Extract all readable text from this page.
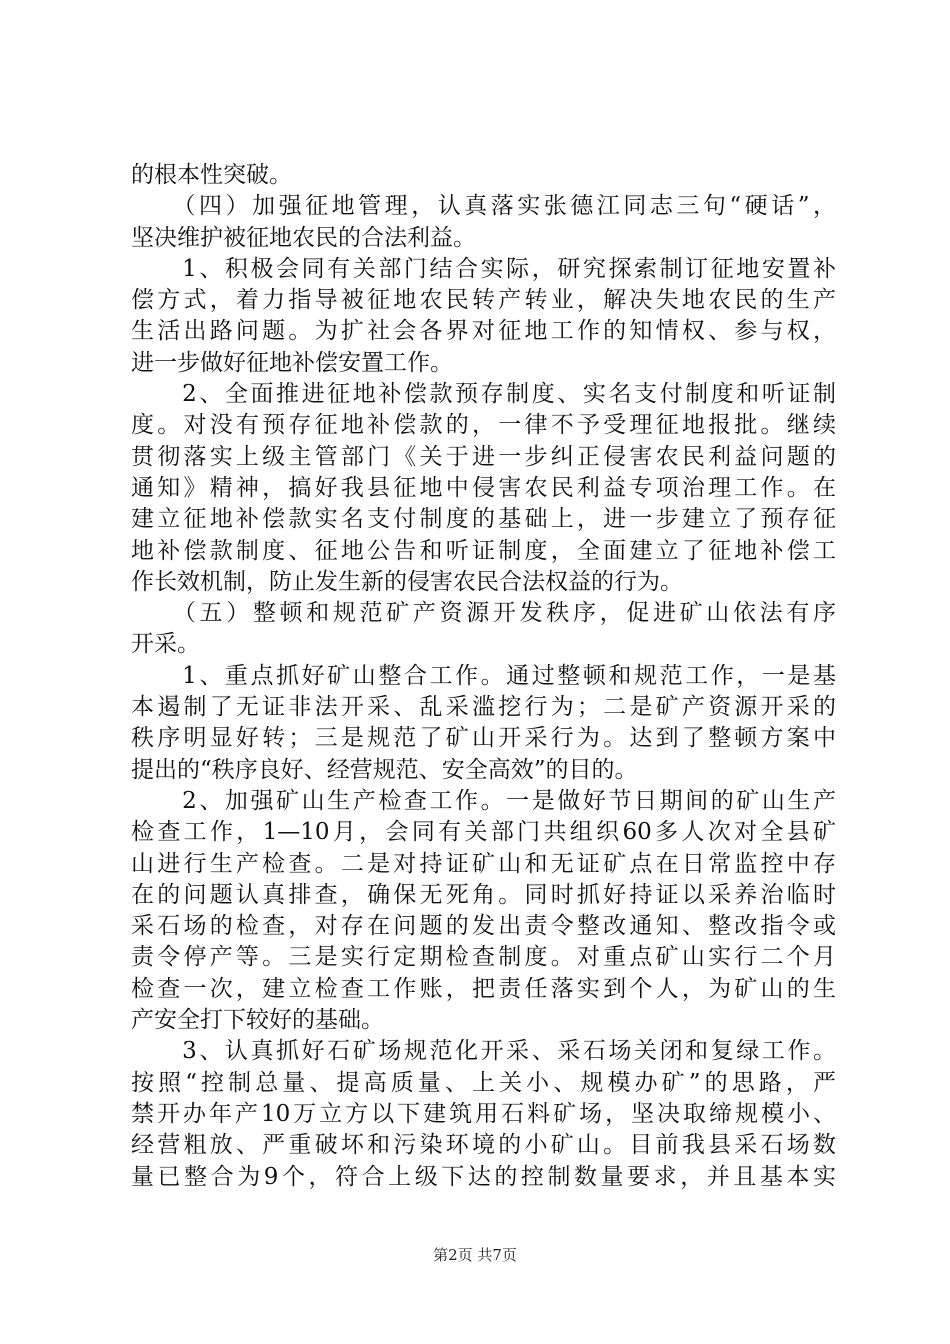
的根本性突破。
　　（四）加强征地管理，认真落实张德江同志三句“硬话”，
坚决维护被征地农民的合法利益。
　　1、积极会同有关部门结合实际，研究探索制订征地安置补
偿方式，着力指导被征地农民转产转业，解决失地农民的生产
生活出路问题。为扩社会各界对征地工作的知情权、参与权，
进一步做好征地补偿安置工作。
　　2、全面推进征地补偿款预存制度、实名支付制度和听证制
度。对没有预存征地补偿款的，一律不予受理征地报批。继续
贯彻落实上级主管部门《关于进一步纠正侵害农民利益问题的
通知》精神，搞好我县征地中侵害农民利益专项治理工作。在
建立征地补偿款实名支付制度的基础上，进一步建立了预存征
地补偿款制度、征地公告和听证制度，全面建立了征地补偿工
作长效机制，防止发生新的侵害农民合法权益的行为。
　　（五）整顿和规范矿产资源开发秩序，促进矿山依法有序
开采。
　　1、重点抓好矿山整合工作。通过整顿和规范工作，一是基
本遏制了无证非法开采、乱采滥挖行为；二是矿产资源开采的
秩序明显好转；三是规范了矿山开采行为。达到了整顿方案中
提出的“秩序良好、经营规范、安全高效”的目的。
　　2、加强矿山生产检查工作。一是做好节日期间的矿山生产
检查工作，1—10月，会同有关部门共组织60多人次对全县矿
山进行生产检查。二是对持证矿山和无证矿点在日常监控中存
在的问题认真排查，确保无死角。同时抓好持证以采养治临时
采石场的检查，对存在问题的发出责令整改通知、整改指令或
责令停产等。三是实行定期检查制度。对重点矿山实行二个月
检查一次，建立检查工作账，把责任落实到个人，为矿山的生
产安全打下较好的基础。
　　3、认真抓好石矿场规范化开采、采石场关闭和复绿工作。
按照“控制总量、提高质量、上关小、规模办矿”的思路，严
禁开办年产10万立方以下建筑用石料矿场，坚决取缔规模小、
经营粗放、严重破坏和污染环境的小矿山。目前我县采石场数
量已整合为9个，符合上级下达的控制数量要求，并且基本实
第2页 共7页
